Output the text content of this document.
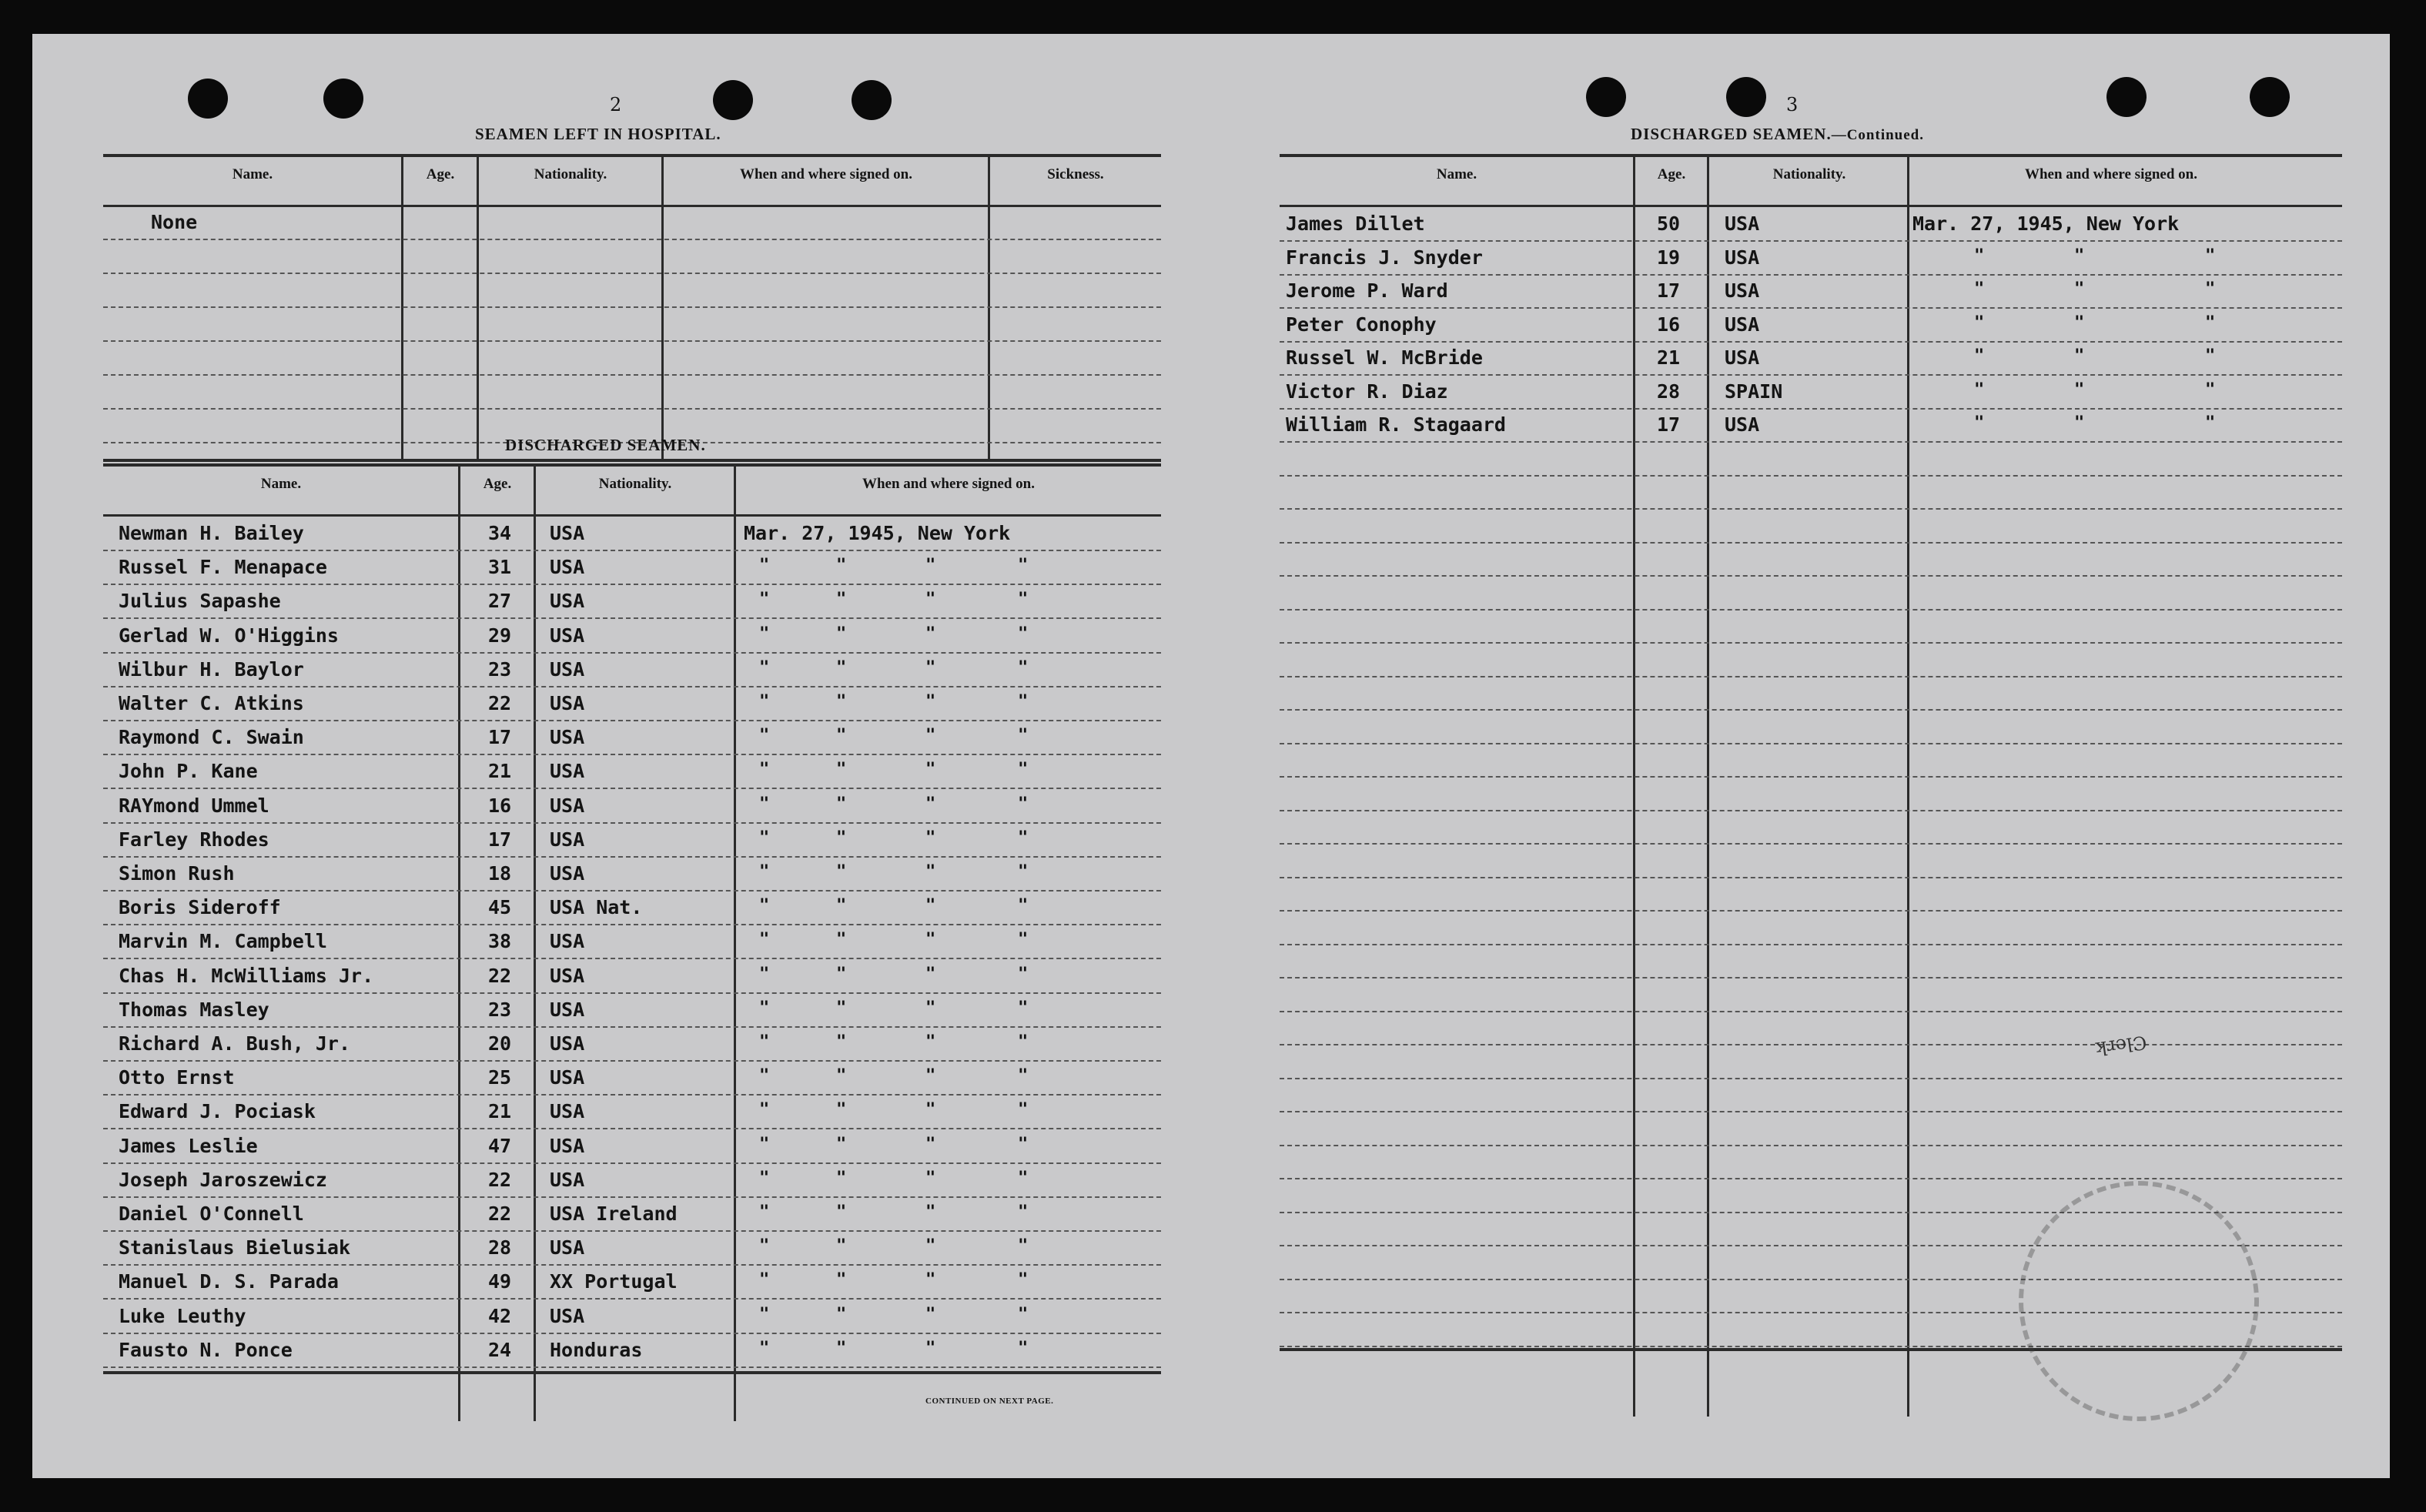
2
SEAMEN LEFT IN HOSPITAL.
Name.	Age.	Nationality.	When and where signed on.	Sickness.
None
DISCHARGED SEAMEN.
Name.	Age.	Nationality.	When and where signed on.
Newman H. Bailey	34 USA	Mar. 27, 1945, New York
Russel F. Menapace	31 USA	"	"	"	"
Julius Sapashe	27 USA	"	"	"	"
Gerlad W. O'Higgins	29 USA	"	"	"	"
Wilbur H. Baylor	23 USA	"	"	"	"
Walter C. Atkins	22 USA	"	"	"	"
Raymond C. Swain	17 USA	"	"	"	"
John P. Kane	21 USA	"	"	"	"
RAYmond Ummel	16 USA	"	"	"	"
Farley Rhodes	17 USA	"	"	"	"
Simon Rush	18 USA	"	"	"	"
Boris Sideroff	45 USA Nat.	"	"	"	"
Marvin M. Campbell	38 USA	"	"	"	"
Chas H. McWilliams Jr.	22 USA	"	"	"	"
Thomas Masley	23 USA	"	"	"	"
Richard A. Bush, Jr.	20 USA	"	"	"	"
Otto Ernst	25 USA	"	"	"	"
Edward J. Pociask	21 USA	"	"	"	"
James Leslie	47 USA	"	"	"	"
Joseph Jaroszewicz	22 USA	"	"	"	"
Daniel O'Connell	22 USA Ireland	"	"	"	"
Stanislaus Bielusiak	28 USA	"	"	"	"
Manuel D. S. Parada	49 XX Portugal	"	"	"	"
Luke Leuthy	42 USA	"	"	"	"
Fausto N. Ponce	24 Honduras	"	"	"	"
CONTINUED ON NEXT PAGE.
3
DISCHARGED SEAMEN.—Continued.
Name.	Age.	Nationality.	When and where signed on.
James Dillet	50 USA	Mar. 27, 1945, New York
Francis J. Snyder	19 USA	"	"	"
Jerome P. Ward	17 USA	"	"	"
Peter Conophy	16 USA	"	"	"
Russel W. McBride	21 USA	"	"	"
Victor R. Diaz	28 SPAIN	"	"	"
William R. Stagaard	17 USA	"	"	"
Clerk
